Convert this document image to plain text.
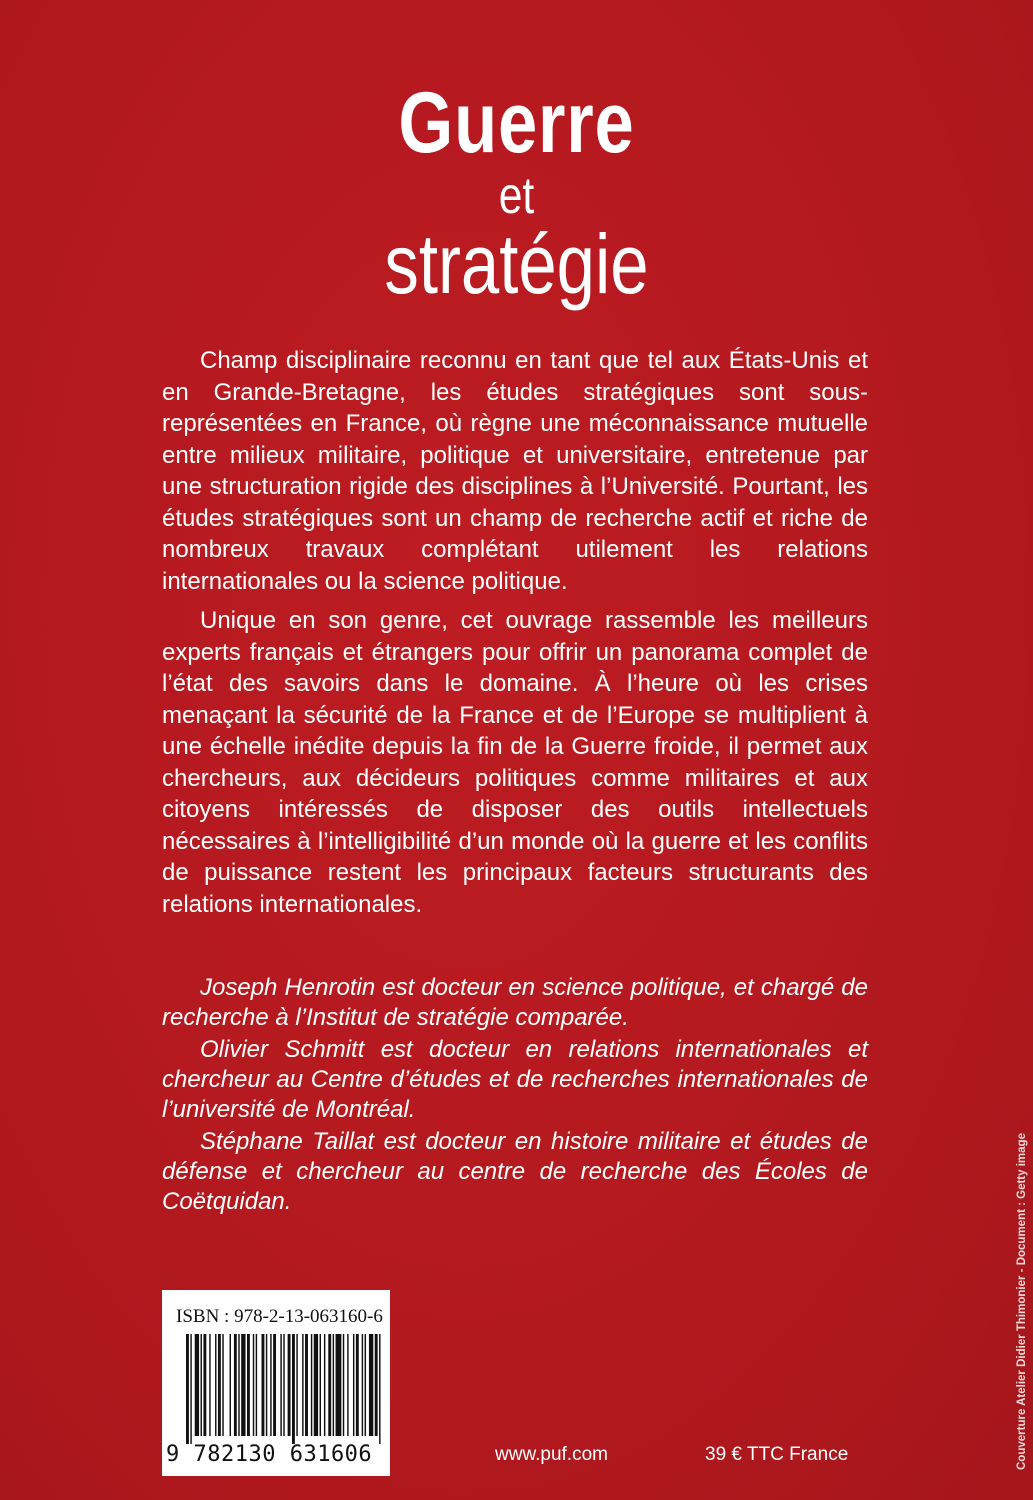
Guerre
et
stratégie

Champ disciplinaire reconnu en tant que tel aux États-Unis et en Grande-Bretagne, les études stratégiques sont sous-représentées en France, où règne une méconnaissance mutuelle entre milieux militaire, politique et universitaire, entretenue par une structuration rigide des disciplines à l’Université. Pourtant, les études stratégiques sont un champ de recherche actif et riche de nombreux travaux complétant utilement les relations internationales ou la science politique.

Unique en son genre, cet ouvrage rassemble les meilleurs experts français et étrangers pour offrir un panorama complet de l’état des savoirs dans le domaine. À l’heure où les crises menaçant la sécurité de la France et de l’Europe se multiplient à une échelle inédite depuis la fin de la Guerre froide, il permet aux chercheurs, aux décideurs politiques comme militaires et aux citoyens intéressés de disposer des outils intellectuels nécessaires à l’intelligibilité d’un monde où la guerre et les conflits de puissance restent les principaux facteurs structurants des relations internationales.

Joseph Henrotin est docteur en science politique, et chargé de recherche à l’Institut de stratégie comparée.

Olivier Schmitt est docteur en relations internationales et chercheur au Centre d’études et de recherches internationales de l’université de Montréal.

Stéphane Taillat est docteur en histoire militaire et études de défense et chercheur au centre de recherche des Écoles de Coëtquidan.

ISBN : 978-2-13-063160-6
9 782130 631606	www.puf.com	39 € TTC France	Couverture Atelier Didier Thimonier - Document : Getty image
